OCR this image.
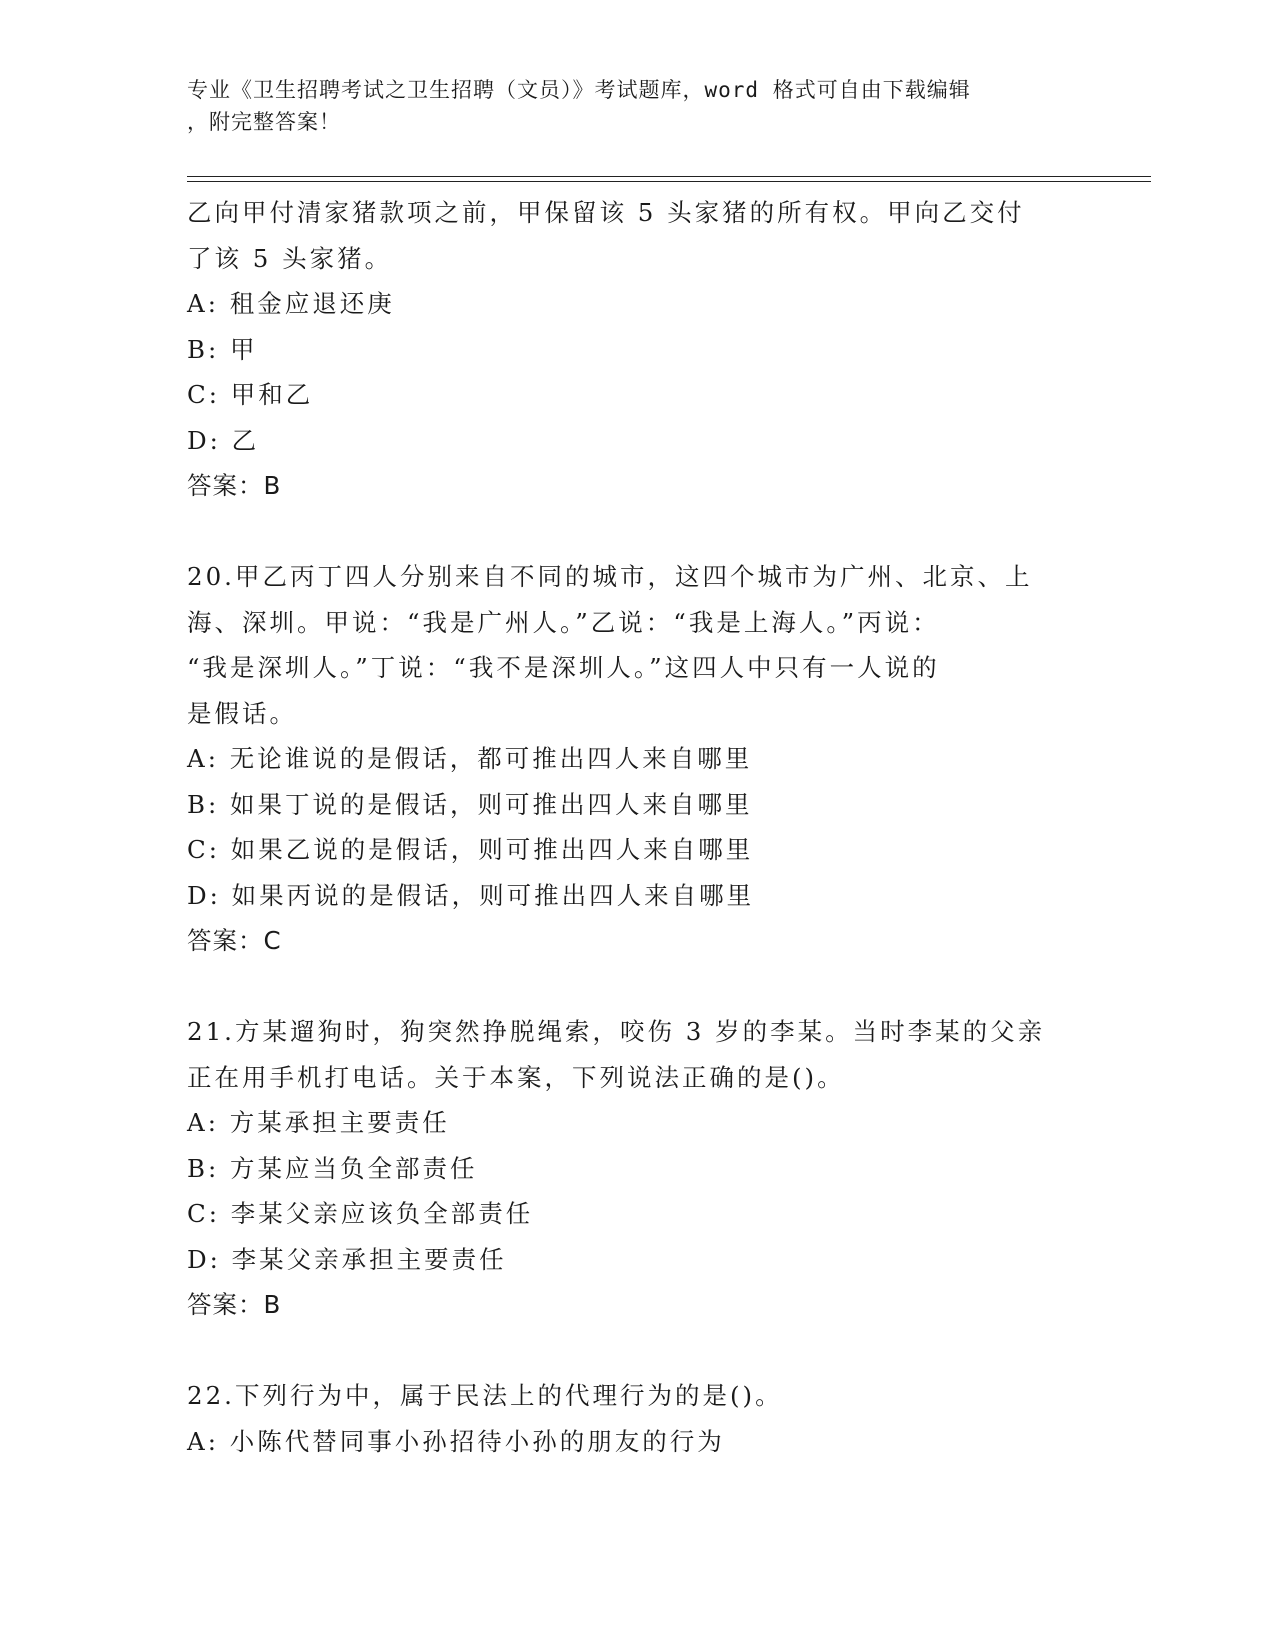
专业《卫生招聘考试之卫生招聘（文员）》考试题库，word 格式可自由下载编辑
，附完整答案！
乙向甲付清家猪款项之前，甲保留该 5 头家猪的所有权。甲向乙交付
了该 5 头家猪。
A: 租金应退还庚
B: 甲
C: 甲和乙
D: 乙
答案：B
20.甲乙丙丁四人分别来自不同的城市，这四个城市为广州、北京、上
海、深圳。甲说：“我是广州人。”乙说：“我是上海人。”丙说：
“我是深圳人。”丁说：“我不是深圳人。”这四人中只有一人说的
是假话。
A: 无论谁说的是假话，都可推出四人来自哪里
B: 如果丁说的是假话，则可推出四人来自哪里
C: 如果乙说的是假话，则可推出四人来自哪里
D: 如果丙说的是假话，则可推出四人来自哪里
答案：C
21.方某遛狗时，狗突然挣脱绳索，咬伤 3 岁的李某。当时李某的父亲
正在用手机打电话。关于本案，下列说法正确的是()。
A: 方某承担主要责任
B: 方某应当负全部责任
C: 李某父亲应该负全部责任
D: 李某父亲承担主要责任
答案：B
22.下列行为中，属于民法上的代理行为的是()。
A: 小陈代替同事小孙招待小孙的朋友的行为
